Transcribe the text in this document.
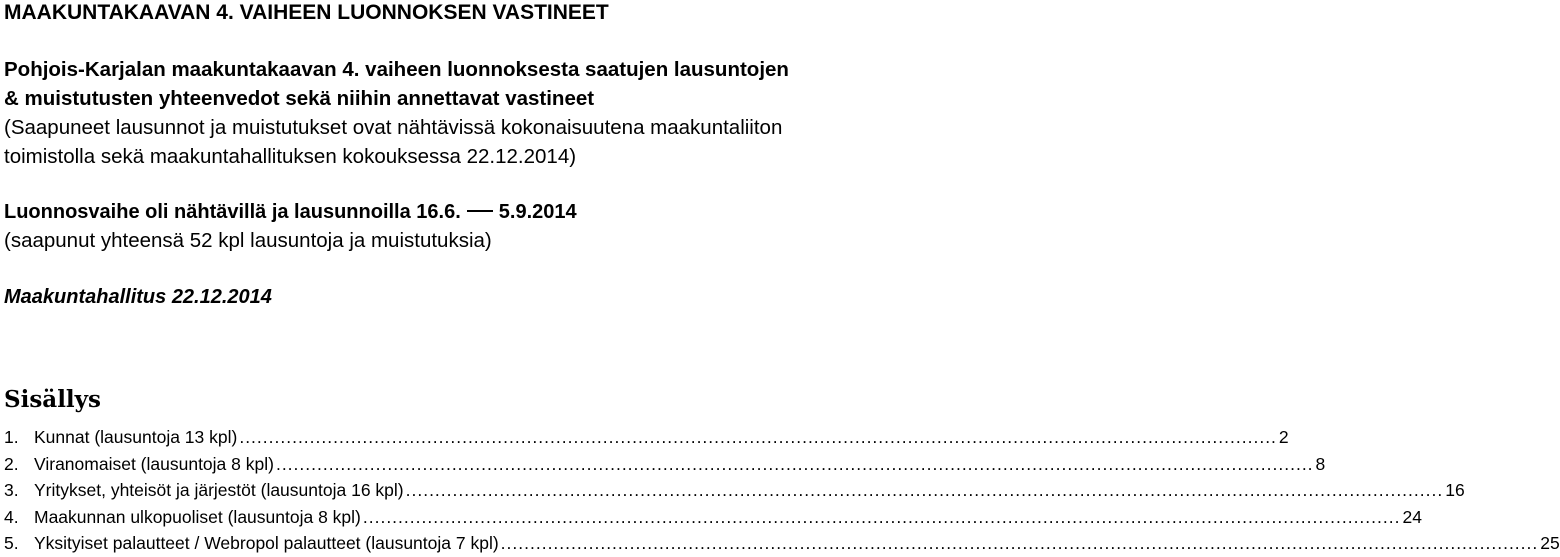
MAAKUNTAKAAVAN 4. VAIHEEN LUONNOKSEN VASTINEET

Pohjois-Karjalan maakuntakaavan 4. vaiheen luonnoksesta saatujen lausuntojen

& muistutusten yhteenvedot sekä niihin annettavat vastineet

(Saapuneet lausunnot ja muistutukset ovat nähtävissä kokonaisuutena maakuntaliiton

toimistolla sekä maakuntahallituksen kokouksessa 22.12.2014)

Luonnosvaihe oli nähtävillä ja lausunnoilla 16.6. 5.9.2014

(saapunut yhteensä 52 kpl lausuntoja ja muistutuksia)

Maakuntahallitus 22.12.2014

Sisällys
1. Kunnat (lausuntoja 13 kpl) ................................................................................................................................................................................. 2
2. Viranomaiset (lausuntoja 8 kpl) ................................................................................................................................................................................. 8
3. Yritykset, yhteisöt ja järjestöt (lausuntoja 16 kpl) ................................................................................................................................................................................. 16
4. Maakunnan ulkopuoliset (lausuntoja 8 kpl) ................................................................................................................................................................................. 24
5. Yksityiset palautteet / Webropol palautteet (lausuntoja 7 kpl) ................................................................................................................................................................................. 25
